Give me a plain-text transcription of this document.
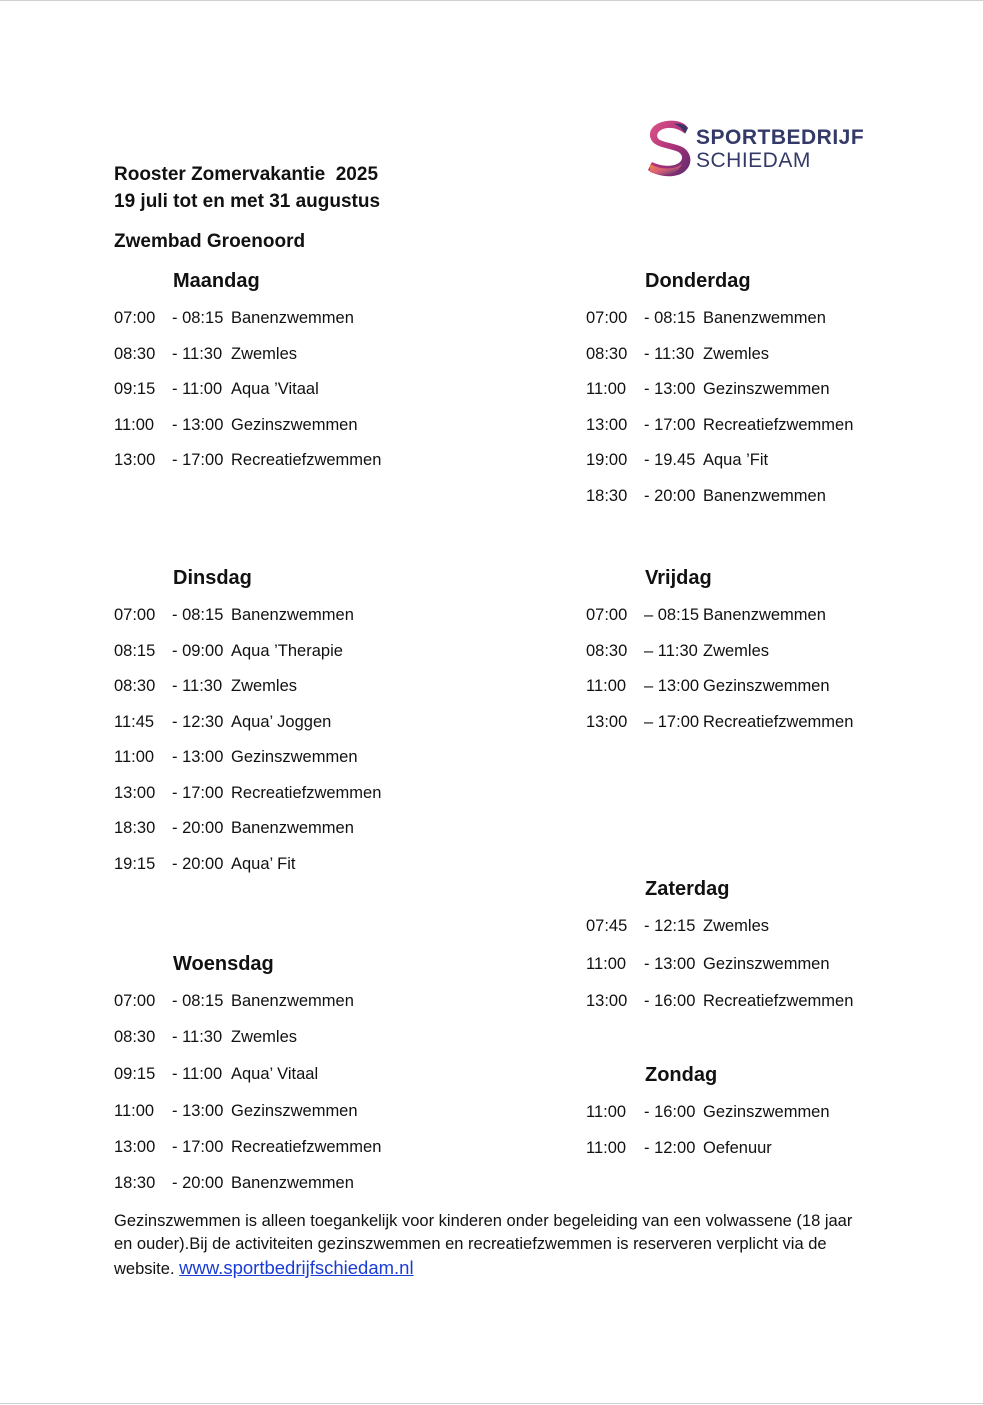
SPORTBEDRIJF
SCHIEDAM
Rooster Zomervakantie  2025
19 juli tot en met 31 augustus
Zwembad Groenoord
Maandag
07:00 - 08:15 Banenzwemmen
08:30 - 11:30 Zwemles
09:15 - 11:00 Aqua ’Vitaal
11:00 - 13:00 Gezinszwemmen
13:00 - 17:00 Recreatiefzwemmen
Dinsdag
07:00 - 08:15 Banenzwemmen
08:15 - 09:00 Aqua ’Therapie
08:30 - 11:30 Zwemles
11:45 - 12:30 Aqua’ Joggen
11:00 - 13:00 Gezinszwemmen
13:00 - 17:00 Recreatiefzwemmen
18:30 - 20:00 Banenzwemmen
19:15 - 20:00 Aqua’ Fit
Woensdag
07:00 - 08:15 Banenzwemmen
08:30 - 11:30 Zwemles
09:15 - 11:00 Aqua’ Vitaal
11:00 - 13:00 Gezinszwemmen
13:00 - 17:00 Recreatiefzwemmen
18:30 - 20:00 Banenzwemmen
Donderdag
07:00 - 08:15 Banenzwemmen
08:30 - 11:30 Zwemles
11:00 - 13:00 Gezinszwemmen
13:00 - 17:00 Recreatiefzwemmen
19:00 - 19.45 Aqua ’Fit
18:30 - 20:00 Banenzwemmen
Vrijdag
07:00 – 08:15 Banenzwemmen
08:30 – 11:30 Zwemles
11:00 – 13:00 Gezinszwemmen
13:00 – 17:00 Recreatiefzwemmen
Zaterdag
07:45 - 12:15 Zwemles
11:00 - 13:00 Gezinszwemmen
13:00 - 16:00 Recreatiefzwemmen
Zondag
11:00 - 16:00 Gezinszwemmen
11:00 - 12:00 Oefenuur
Gezinszwemmen is alleen toegankelijk voor kinderen onder begeleiding van een volwassene (18 jaar en ouder).Bij de activiteiten gezinszwemmen en recreatiefzwemmen is reserveren verplicht via de website. www.sportbedrijfschiedam.nl
